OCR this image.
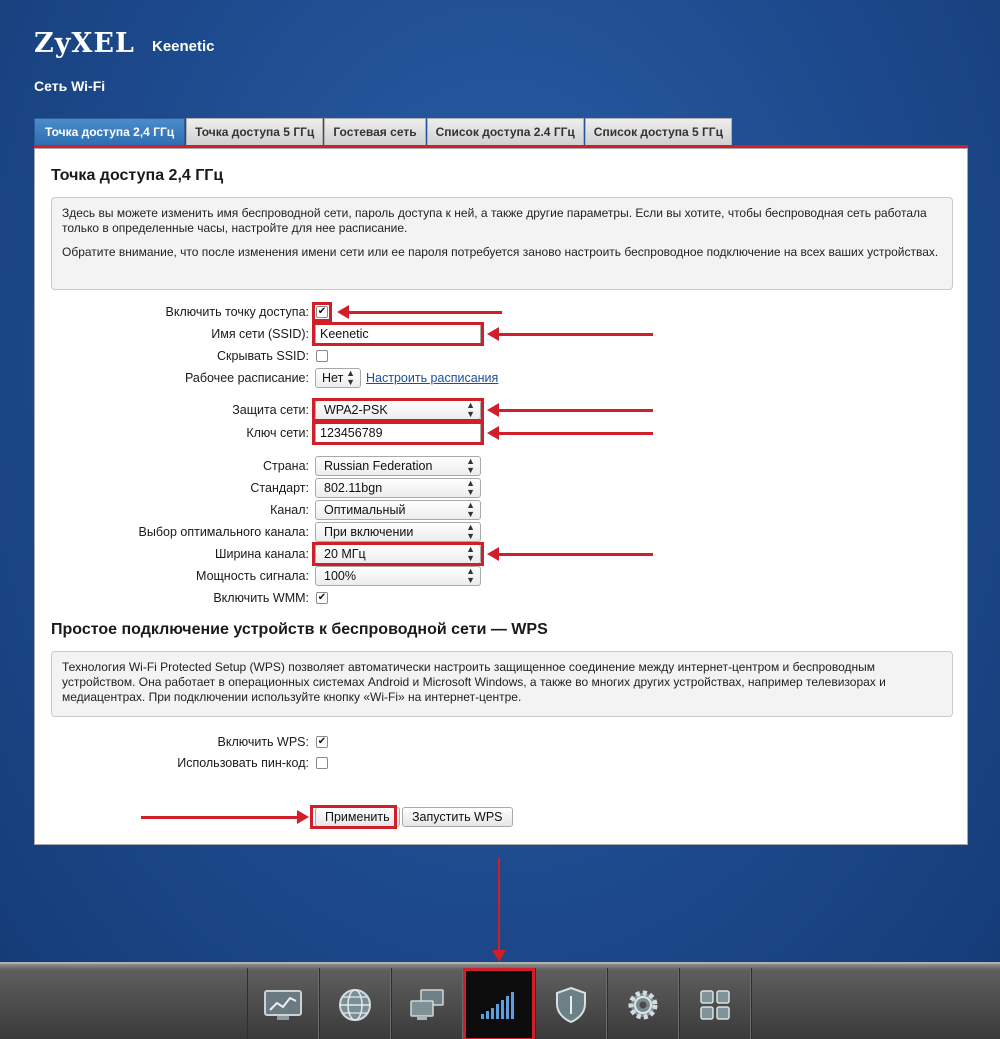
ZyXEL Keenetic
Сеть Wi-Fi
Точка доступа 2,4 ГГц	Точка доступа 5 ГГц	Гостевая сеть	Список доступа 2.4 ГГц	Список доступа 5 ГГц
Точка доступа 2,4 ГГц

Здесь вы можете изменить имя беспроводной сети, пароль доступа к ней, а также другие параметры. Если вы хотите, чтобы беспроводная сеть работала только в определенные часы, настройте для нее расписание.

Обратите внимание, что после изменения имени сети или ее пароля потребуется заново настроить беспроводное подключение на всех ваших устройствах.

Включить точку доступа:
✔
Имя сети (SSID): Keenetic
Скрывать SSID:
Рабочее расписание:	Нет ▲
▼ Настроить расписания
Защита сети:	WPA2-PSK	▲
▼
Ключ сети: 123456789
Страна:	Russian Federation	▲
▼
Стандарт:	802.11bgn	▲
▼
Канал:	Оптимальный	▲
▼
Выбор оптимального канала:	При включении	▲
▼
Ширина канала:	20 МГц	▲
▼
Мощность сигнала:	100%	▲
▼
Включить WMM:
✔
Простое подключение устройств к беспроводной сети — WPS

Технология Wi-Fi Protected Setup (WPS) позволяет автоматически настроить защищенное соединение между интернет-центром и беспроводным устройством. Она работает в операционных системах Android и Microsoft Windows, а также во многих других устройствах, например телевизорах и медиацентрах. При подключении используйте кнопку «Wi-Fi» на интернет-центре.

Включить WPS:
✔
Использовать пин-код:
Применить	Запустить WPS
